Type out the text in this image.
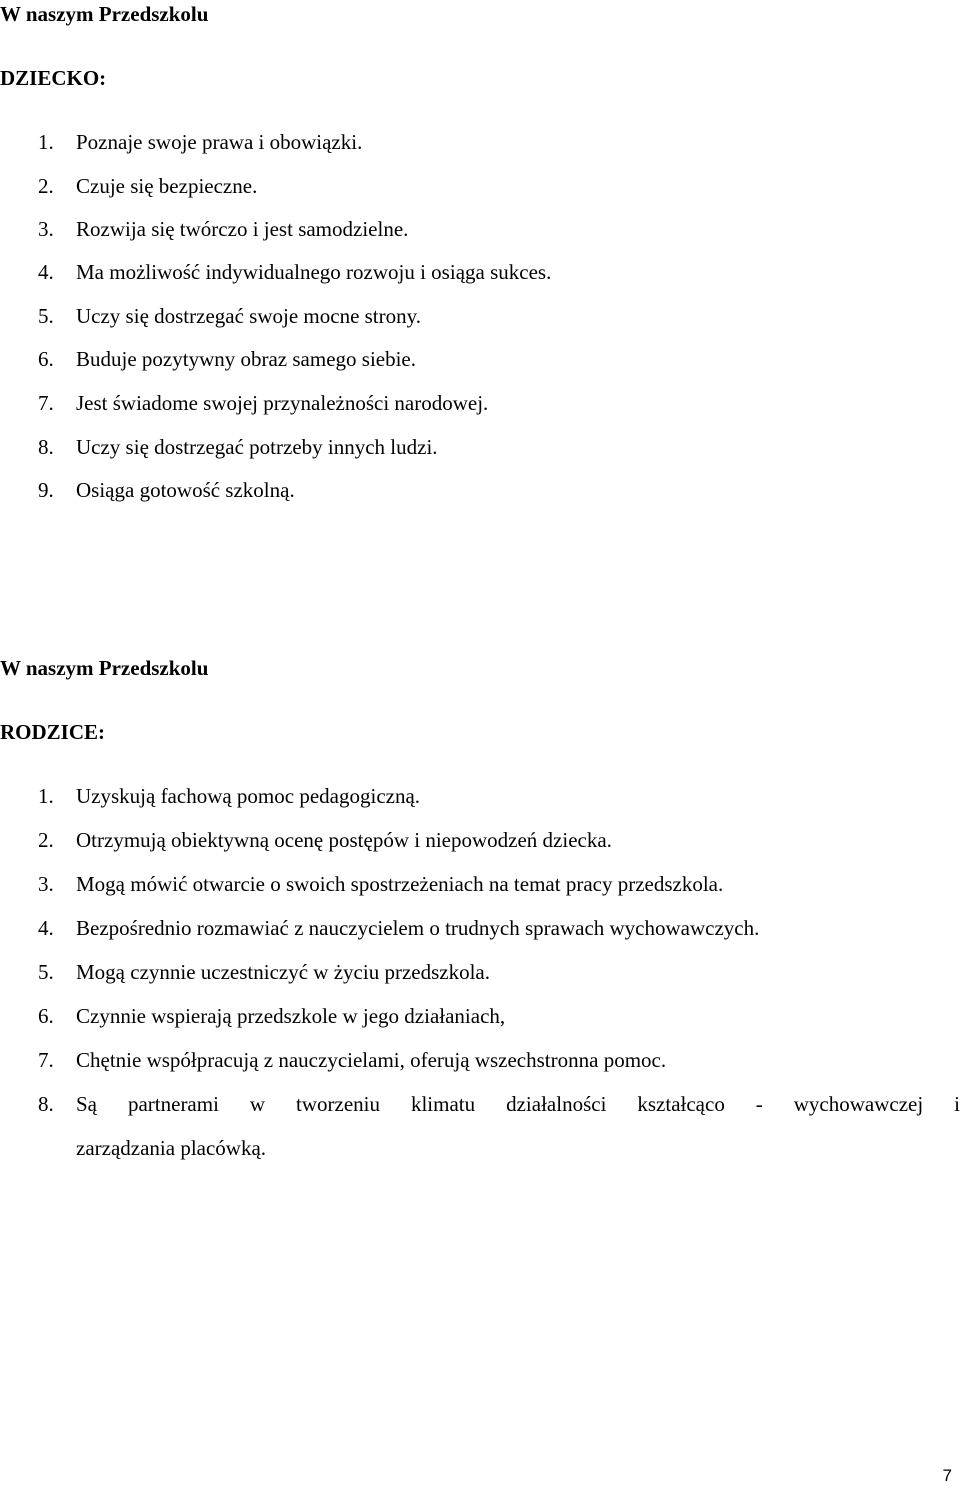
W naszym Przedszkolu
DZIECKO:
1. Poznaje swoje prawa i obowiązki.
2. Czuje się bezpieczne.
3. Rozwija się twórczo i jest samodzielne.
4. Ma możliwość indywidualnego rozwoju i osiąga sukces.
5. Uczy się dostrzegać swoje mocne strony.
6. Buduje pozytywny obraz samego siebie.
7. Jest świadome swojej przynależności narodowej.
8. Uczy się dostrzegać potrzeby innych ludzi.
9. Osiąga gotowość szkolną.
W naszym Przedszkolu
RODZICE:
1. Uzyskują fachową pomoc pedagogiczną.
2. Otrzymują obiektywną ocenę postępów i niepowodzeń dziecka.
3. Mogą mówić otwarcie o swoich spostrzeżeniach na temat pracy przedszkola.
4. Bezpośrednio rozmawiać z nauczycielem o trudnych sprawach wychowawczych.
5. Mogą czynnie uczestniczyć w życiu przedszkola.
6. Czynnie wspierają przedszkole w jego działaniach,
7. Chętnie współpracują z nauczycielami, oferują wszechstronna pomoc.
8. Są partnerami w tworzeniu klimatu działalności kształcąco - wychowawczej i
zarządzania placówką.
7
